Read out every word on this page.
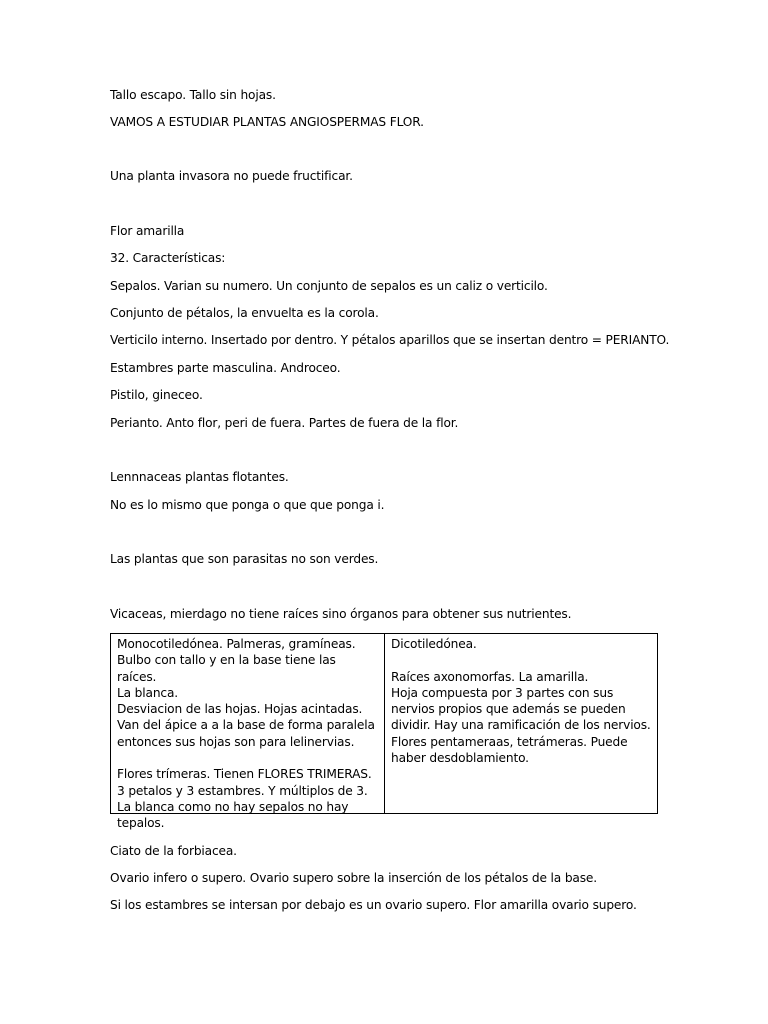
Tallo escapo. Tallo sin hojas.
VAMOS A ESTUDIAR PLANTAS ANGIOSPERMAS FLOR.
Una planta invasora no puede fructificar.
Flor amarilla
32. Características:
Sepalos. Varian su numero. Un conjunto de sepalos es un caliz o verticilo.
Conjunto de pétalos, la envuelta es la corola.
Verticilo interno. Insertado por dentro. Y pétalos aparillos que se insertan dentro = PERIANTO.
Estambres parte masculina. Androceo.
Pistilo, gineceo.
Perianto. Anto flor, peri de fuera. Partes de fuera de la flor.
Lennnaceas plantas flotantes.
No es lo mismo que ponga o que que ponga i.
Las plantas que son parasitas no son verdes.
Vicaceas, mierdago no tiene raíces sino órganos para obtener sus nutrientes.

Monocotiledónea. Palmeras, gramíneas.

Bulbo con tallo y en la base tiene las raíces.

La blanca.

Desviacion de las hojas. Hojas acintadas. Van del ápice a a la base de forma paralela entonces sus hojas son para lelinervias.

Flores trímeras. Tienen FLORES TRIMERAS. 3 petalos y 3 estambres. Y múltiplos de 3.

La blanca como no hay sepalos no hay tepalos.

Dicotiledónea.

Raíces axonomorfas. La amarilla.

Hoja compuesta por 3 partes con sus nervios propios que además se pueden dividir. Hay una ramificación de los nervios.

Flores pentameraas, tetrámeras. Puede haber desdoblamiento.

Ciato de la forbiacea.
Ovario infero o supero. Ovario supero sobre la inserción de los pétalos de la base.
Si los estambres se intersan por debajo es un ovario supero. Flor amarilla ovario supero.
